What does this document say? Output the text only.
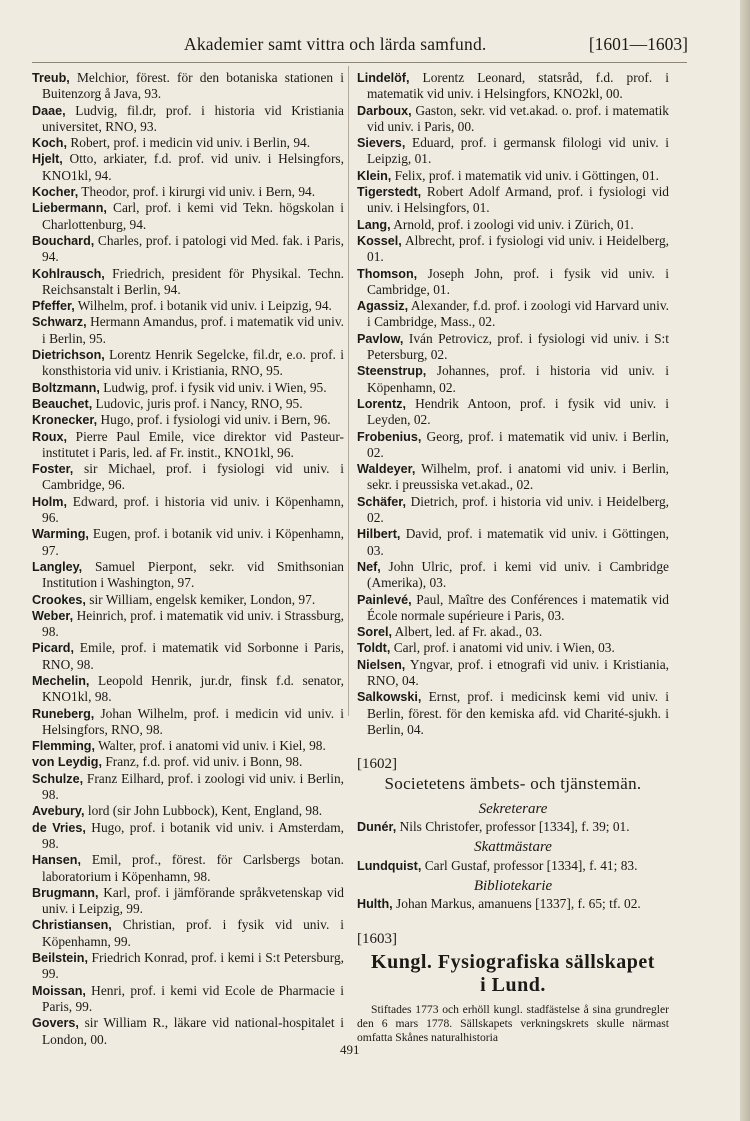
Akademier samt vittra och lärda samfund.	[1601—1603]

Treub, Melchior, förest. för den botaniska stationen i Buitenzorg å Java, 93.

Daae, Ludvig, fil.dr, prof. i historia vid Kristiania universitet, RNO, 93.

Koch, Robert, prof. i medicin vid univ. i Berlin, 94.

Hjelt, Otto, arkiater, f.d. prof. vid univ. i Helsingfors, KNO1kl, 94.

Kocher, Theodor, prof. i kirurgi vid univ. i Bern, 94.

Liebermann, Carl, prof. i kemi vid Tekn. högskolan i Charlottenburg, 94.

Bouchard, Charles, prof. i patologi vid Med. fak. i Paris, 94.

Kohlrausch, Friedrich, president för Physikal. Techn. Reichsanstalt i Berlin, 94.

Pfeffer, Wilhelm, prof. i botanik vid univ. i Leipzig, 94.

Schwarz, Hermann Amandus, prof. i matematik vid univ. i Berlin, 95.

Dietrichson, Lorentz Henrik Segelcke, fil.dr, e.o. prof. i konsthistoria vid univ. i Kristiania, RNO, 95.

Boltzmann, Ludwig, prof. i fysik vid univ. i Wien, 95.

Beauchet, Ludovic, juris prof. i Nancy, RNO, 95.

Kronecker, Hugo, prof. i fysiologi vid univ. i Bern, 96.

Roux, Pierre Paul Emile, vice direktor vid Pasteur-institutet i Paris, led. af Fr. instit., KNO1kl, 96.

Foster, sir Michael, prof. i fysiologi vid univ. i Cambridge, 96.

Holm, Edward, prof. i historia vid univ. i Köpenhamn, 96.

Warming, Eugen, prof. i botanik vid univ. i Köpenhamn, 97.

Langley, Samuel Pierpont, sekr. vid Smithsonian Institution i Washington, 97.

Crookes, sir William, engelsk kemiker, London, 97.

Weber, Heinrich, prof. i matematik vid univ. i Strassburg, 98.

Picard, Emile, prof. i matematik vid Sorbonne i Paris, RNO, 98.

Mechelin, Leopold Henrik, jur.dr, finsk f.d. senator, KNO1kl, 98.

Runeberg, Johan Wilhelm, prof. i medicin vid univ. i Helsingfors, RNO, 98.

Flemming, Walter, prof. i anatomi vid univ. i Kiel, 98.

von Leydig, Franz, f.d. prof. vid univ. i Bonn, 98.

Schulze, Franz Eilhard, prof. i zoologi vid univ. i Berlin, 98.

Avebury, lord (sir John Lubbock), Kent, England, 98.

de Vries, Hugo, prof. i botanik vid univ. i Amsterdam, 98.

Hansen, Emil, prof., förest. för Carlsbergs botan. laboratorium i Köpenhamn, 98.

Brugmann, Karl, prof. i jämförande språkvetenskap vid univ. i Leipzig, 99.

Christiansen, Christian, prof. i fysik vid univ. i Köpenhamn, 99.

Beilstein, Friedrich Konrad, prof. i kemi i S:t Petersburg, 99.

Moissan, Henri, prof. i kemi vid Ecole de Pharmacie i Paris, 99.

Govers, sir William R., läkare vid national-hospitalet i London, 00.

Lindelöf, Lorentz Leonard, statsråd, f.d. prof. i matematik vid univ. i Helsingfors, KNO2kl, 00.

Darboux, Gaston, sekr. vid vet.akad. o. prof. i matematik vid univ. i Paris, 00.

Sievers, Eduard, prof. i germansk filologi vid univ. i Leipzig, 01.

Klein, Felix, prof. i matematik vid univ. i Göttingen, 01.

Tigerstedt, Robert Adolf Armand, prof. i fysiologi vid univ. i Helsingfors, 01.

Lang, Arnold, prof. i zoologi vid univ. i Zürich, 01.

Kossel, Albrecht, prof. i fysiologi vid univ. i Heidelberg, 01.

Thomson, Joseph John, prof. i fysik vid univ. i Cambridge, 01.

Agassiz, Alexander, f.d. prof. i zoologi vid Harvard univ. i Cambridge, Mass., 02.

Pavlow, Iván Petrovicz, prof. i fysiologi vid univ. i S:t Petersburg, 02.

Steenstrup, Johannes, prof. i historia vid univ. i Köpenhamn, 02.

Lorentz, Hendrik Antoon, prof. i fysik vid univ. i Leyden, 02.

Frobenius, Georg, prof. i matematik vid univ. i Berlin, 02.

Waldeyer, Wilhelm, prof. i anatomi vid univ. i Berlin, sekr. i preussiska vet.akad., 02.

Schäfer, Dietrich, prof. i historia vid univ. i Heidelberg, 02.

Hilbert, David, prof. i matematik vid univ. i Göttingen, 03.

Nef, John Ulric, prof. i kemi vid univ. i Cambridge (Amerika), 03.

Painlevé, Paul, Maître des Conférences i matematik vid École normale supérieure i Paris, 03.

Sorel, Albert, led. af Fr. akad., 03.

Toldt, Carl, prof. i anatomi vid univ. i Wien, 03.

Nielsen, Yngvar, prof. i etnografi vid univ. i Kristiania, RNO, 04.

Salkowski, Ernst, prof. i medicinsk kemi vid univ. i Berlin, förest. för den kemiska afd. vid Charité-sjukh. i Berlin, 04.

[1602]
Societetens ämbets- och tjänstemän.
Sekreterare

Dunér, Nils Christofer, professor [1334], f. 39; 01.

Skattmästare

Lundquist, Carl Gustaf, professor [1334], f. 41; 83.

Bibliotekarie

Hulth, Johan Markus, amanuens [1337], f. 65; tf. 02.

[1603]
Kungl. Fysiografiska sällskapet
i Lund.

Stiftades 1773 och erhöll kungl. stadfästelse å sina grundregler den 6 mars 1778. Sällskapets verkningskrets skulle närmast omfatta Skånes naturalhistoria

491
